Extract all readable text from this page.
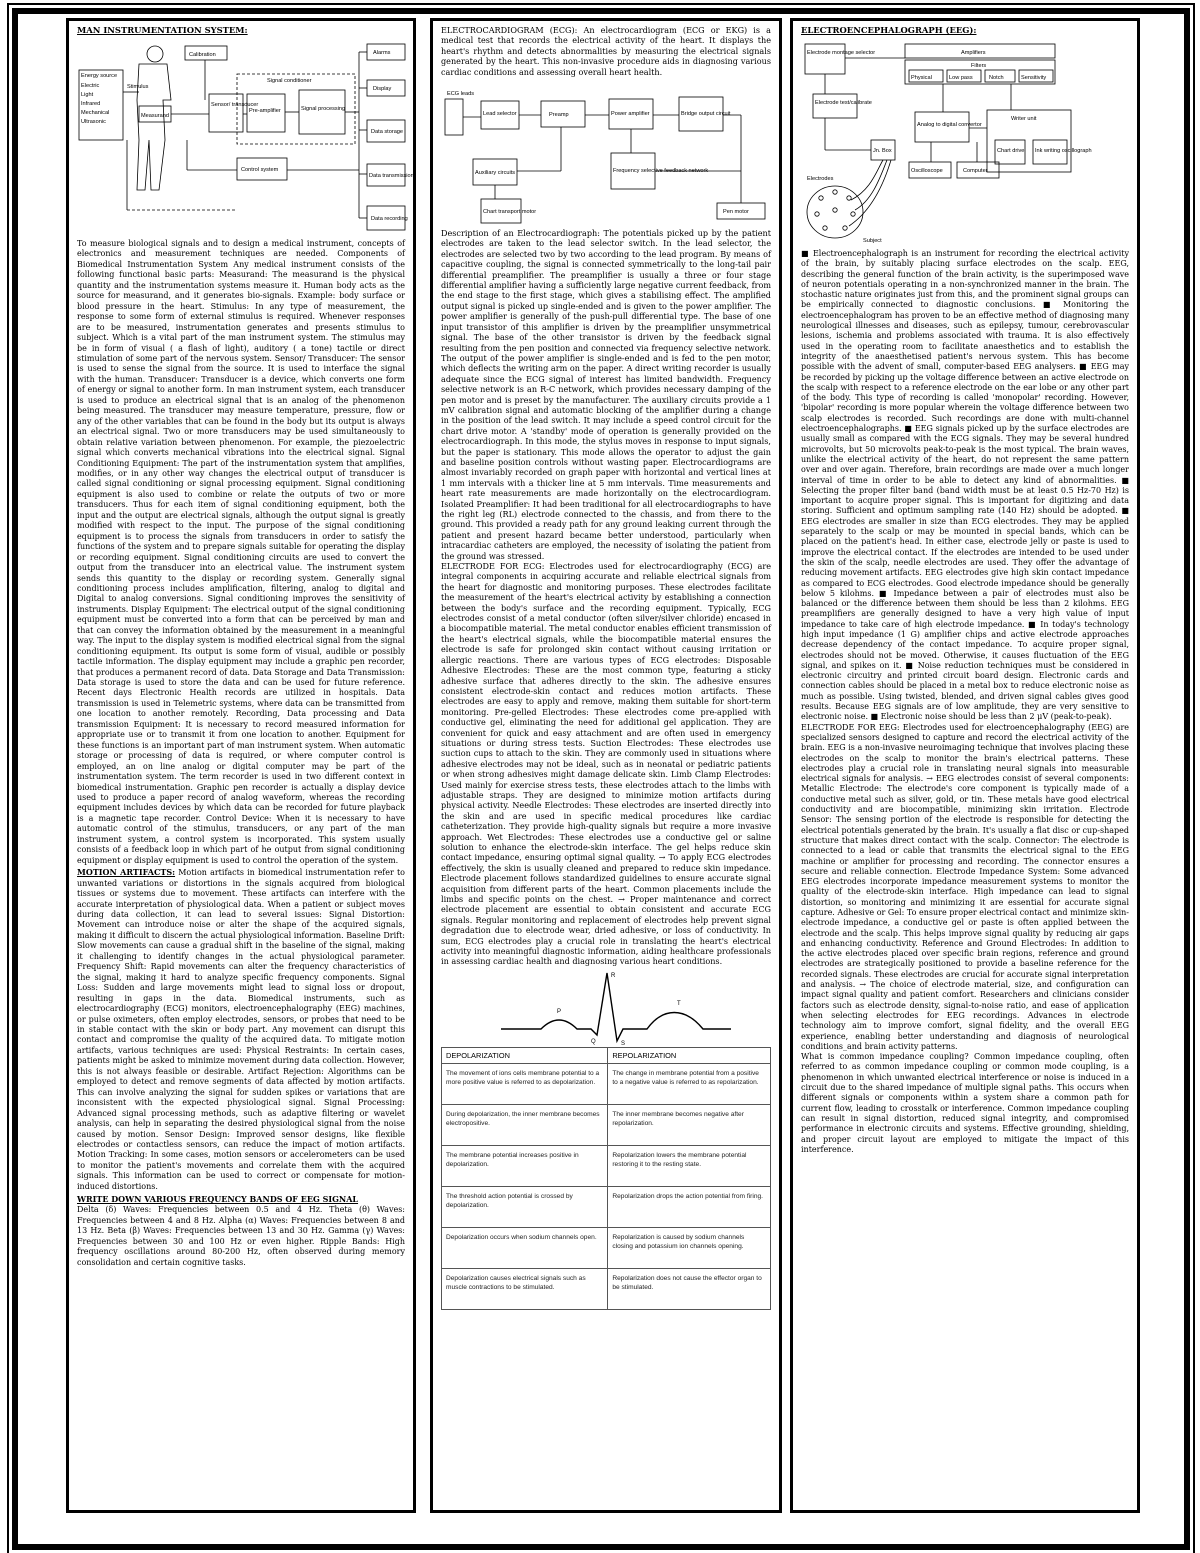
MAN INSTRUMENTATION SYSTEM:
Energy source
Electric
Light
Infrared
Mechanical
Ultrasonic
Calibration
Stimulus
Measurand
Sensor/ transducer
Signal conditioner
Pre-amplifier	Signal processing
Alarms
Display
Data storage
Data transmission
Control system
Data recording

To measure biological signals and to design a medical instrument, concepts of electronics and measurement techniques are needed. Components of Biomedical Instrumentation System Any medical instrument consists of the following functional basic parts: Measurand: The measurand is the physical quantity and the instrumentation systems measure it. Human body acts as the source for measurand, and it generates bio-signals. Example: body surface or blood pressure in the heart. Stimulus: In any type of measurement, the response to some form of external stimulus is required. Whenever responses are to be measured, instrumentation generates and presents stimulus to subject. Which is a vital part of the man instrument system. The stimulus may be in form of visual ( a flash of light), auditory ( a tone) tactile or direct stimulation of some part of the nervous system. Sensor/ Transducer: The sensor is used to sense the signal from the source. It is used to interface the signal with the human. Transducer: Transducer is a device, which converts one form of energy or signal to another form. In man instrument system, each transducer is used to produce an electrical signal that is an analog of the phenomenon being measured. The transducer may measure temperature, pressure, flow or any of the other variables that can be found in the body but its output is always an electrical signal. Two or more transducers may be used simultaneously to obtain relative variation between phenomenon. For example, the piezoelectric signal which converts mechanical vibrations into the electrical signal. Signal Conditioning Equipment: The part of the instrumentation system that amplifies, modifies, or in any other way changes the electrical output of transducer is called signal conditioning or signal processing equipment. Signal conditioning equipment is also used to combine or relate the outputs of two or more transducers. Thus for each item of signal conditioning equipment, both the input and the output are electrical signals, although the output signal is greatly modified with respect to the input. The purpose of the signal conditioning equipment is to process the signals from transducers in order to satisfy the functions of the system and to prepare signals suitable for operating the display or recording equipment. Signal conditioning circuits are used to convert the output from the transducer into an electrical value. The instrument system sends this quantity to the display or recording system. Generally signal conditioning process includes amplification, filtering, analog to digital and Digital to analog conversions. Signal conditioning improves the sensitivity of instruments. Display Equipment: The electrical output of the signal conditioning equipment must be converted into a form that can be perceived by man and that can convey the information obtained by the measurement in a meaningful way. The input to the display system is modified electrical signal from the signal conditioning equipment. Its output is some form of visual, audible or possibly tactile information. The display equipment may include a graphic pen recorder, that produces a permanent record of data. Data Storage and Data Transmission: Data storage is used to store the data and can be used for future reference. Recent days Electronic Health records are utilized in hospitals. Data transmission is used in Telemetric systems, where data can be transmitted from one location to another remotely. Recording, Data processing and Data transmission Equipment: It is necessary to record measured information for appropriate use or to transmit it from one location to another. Equipment for these functions is an important part of man instrument system. When automatic storage or processing of data is required, or where computer control is employed, an on line analog or digital computer may be part of the instrumentation system. The term recorder is used in two different context in biomedical instrumentation. Graphic pen recorder is actually a display device used to produce a paper record of analog waveform, whereas the recording equipment includes devices by which data can be recorded for future playback is a magnetic tape recorder. Control Device: When it is necessary to have automatic control of the stimulus, transducers, or any part of the man instrument system, a control system is incorporated. This system usually consists of a feedback loop in which part of he output from signal conditioning equipment or display equipment is used to control the operation of the system.

MOTION ARTIFACTS: Motion artifacts in biomedical instrumentation refer to unwanted variations or distortions in the signals acquired from biological tissues or systems due to movement. These artifacts can interfere with the accurate interpretation of physiological data. When a patient or subject moves during data collection, it can lead to several issues: Signal Distortion: Movement can introduce noise or alter the shape of the acquired signals, making it difficult to discern the actual physiological information. Baseline Drift: Slow movements can cause a gradual shift in the baseline of the signal, making it challenging to identify changes in the actual physiological parameter. Frequency Shift: Rapid movements can alter the frequency characteristics of the signal, making it hard to analyze specific frequency components. Signal Loss: Sudden and large movements might lead to signal loss or dropout, resulting in gaps in the data. Biomedical instruments, such as electrocardiography (ECG) monitors, electroencephalography (EEG) machines, or pulse oximeters, often employ electrodes, sensors, or probes that need to be in stable contact with the skin or body part. Any movement can disrupt this contact and compromise the quality of the acquired data. To mitigate motion artifacts, various techniques are used: Physical Restraints: In certain cases, patients might be asked to minimize movement during data collection. However, this is not always feasible or desirable. Artifact Rejection: Algorithms can be employed to detect and remove segments of data affected by motion artifacts. This can involve analyzing the signal for sudden spikes or variations that are inconsistent with the expected physiological signal. Signal Processing: Advanced signal processing methods, such as adaptive filtering or wavelet analysis, can help in separating the desired physiological signal from the noise caused by motion. Sensor Design: Improved sensor designs, like flexible electrodes or contactless sensors, can reduce the impact of motion artifacts. Motion Tracking: In some cases, motion sensors or accelerometers can be used to monitor the patient's movements and correlate them with the acquired signals. This information can be used to correct or compensate for motion-induced distortions.

WRITE DOWN VARIOUS FREQUENCY BANDS OF EEG SIGNAL

Delta (δ) Waves: Frequencies between 0.5 and 4 Hz. Theta (θ) Waves: Frequencies between 4 and 8 Hz. Alpha (α) Waves: Frequencies between 8 and 13 Hz. Beta (β) Waves: Frequencies between 13 and 30 Hz. Gamma (γ) Waves: Frequencies between 30 and 100 Hz or even higher. Ripple Bands: High frequency oscillations around 80-200 Hz, often observed during memory consolidation and certain cognitive tasks.

ELECTROCARDIOGRAM (ECG): An electrocardiogram (ECG or EKG) is a medical test that records the electrical activity of the heart. It displays the heart's rhythm and detects abnormalities by measuring the electrical signals generated by the heart. This non-invasive procedure aids in diagnosing various cardiac conditions and assessing overall heart health.

ECG leads
Lead selector	Preamp	Power amplifier	Bridge output circuit
Auxiliary circuits	Frequency selective feedback network
Chart transport motor	Pen motor

Description of an Electrocardiograph: The potentials picked up by the patient electrodes are taken to the lead selector switch. In the lead selector, the electrodes are selected two by two according to the lead program. By means of capacitive coupling, the signal is connected symmetrically to the long-tail pair differential preamplifier. The preamplifier is usually a three or four stage differential amplifier having a sufficiently large negative current feedback, from the end stage to the first stage, which gives a stabilising effect. The amplified output signal is picked up single-ended and is given to the power amplifier. The power amplifier is generally of the push-pull differential type. The base of one input transistor of this amplifier is driven by the preamplifier unsymmetrical signal. The base of the other transistor is driven by the feedback signal resulting from the pen position and connected via frequency selective network. The output of the power amplifier is single-ended and is fed to the pen motor, which deflects the writing arm on the paper. A direct writing recorder is usually adequate since the ECG signal of interest has limited bandwidth. Frequency selective network is an R-C network, which provides necessary damping of the pen motor and is preset by the manufacturer. The auxiliary circuits provide a 1 mV calibration signal and automatic blocking of the amplifier during a change in the position of the lead switch. It may include a speed control circuit for the chart drive motor. A 'standby' mode of operation is generally provided on the electrocardiograph. In this mode, the stylus moves in response to input signals, but the paper is stationary. This mode allows the operator to adjust the gain and baseline position controls without wasting paper. Electrocardiograms are almost invariably recorded on graph paper with horizontal and vertical lines at 1 mm intervals with a thicker line at 5 mm intervals. Time measurements and heart rate measurements are made horizontally on the electrocardiogram. Isolated Preamplifier: It had been traditional for all electrocardiographs to have the right leg (RL) electrode connected to the chassis, and from there to the ground. This provided a ready path for any ground leaking current through the patient and present hazard became better understood, particularly when intracardiac catheters are employed, the necessity of isolating the patient from the ground was stressed.

ELECTRODE FOR ECG: Electrodes used for electrocardiography (ECG) are integral components in acquiring accurate and reliable electrical signals from the heart for diagnostic and monitoring purposes. These electrodes facilitate the measurement of the heart's electrical activity by establishing a connection between the body's surface and the recording equipment. Typically, ECG electrodes consist of a metal conductor (often silver/silver chloride) encased in a biocompatible material. The metal conductor enables efficient transmission of the heart's electrical signals, while the biocompatible material ensures the electrode is safe for prolonged skin contact without causing irritation or allergic reactions. There are various types of ECG electrodes: Disposable Adhesive Electrodes: These are the most common type, featuring a sticky adhesive surface that adheres directly to the skin. The adhesive ensures consistent electrode-skin contact and reduces motion artifacts. These electrodes are easy to apply and remove, making them suitable for short-term monitoring. Pre-gelled Electrodes: These electrodes come pre-applied with conductive gel, eliminating the need for additional gel application. They are convenient for quick and easy attachment and are often used in emergency situations or during stress tests. Suction Electrodes: These electrodes use suction cups to attach to the skin. They are commonly used in situations where adhesive electrodes may not be ideal, such as in neonatal or pediatric patients or when strong adhesives might damage delicate skin. Limb Clamp Electrodes: Used mainly for exercise stress tests, these electrodes attach to the limbs with adjustable straps. They are designed to minimize motion artifacts during physical activity. Needle Electrodes: These electrodes are inserted directly into the skin and are used in specific medical procedures like cardiac catheterization. They provide high-quality signals but require a more invasive approach. Wet Electrodes: These electrodes use a conductive gel or saline solution to enhance the electrode-skin interface. The gel helps reduce skin contact impedance, ensuring optimal signal quality. → To apply ECG electrodes effectively, the skin is usually cleaned and prepared to reduce skin impedance. Electrode placement follows standardized guidelines to ensure accurate signal acquisition from different parts of the heart. Common placements include the limbs and specific points on the chest. → Proper maintenance and correct electrode placement are essential to obtain consistent and accurate ECG signals. Regular monitoring and replacement of electrodes help prevent signal degradation due to electrode wear, dried adhesive, or loss of conductivity. In sum, ECG electrodes play a crucial role in translating the heart's electrical activity into meaningful diagnostic information, aiding healthcare professionals in assessing cardiac health and diagnosing various heart conditions.

P
Q
R
S
T
DEPOLARIZATION	REPOLARIZATION
The movement of ions cells membrane potential to a more positive value is referred to as depolarization.	The change in membrane potential from a positive to a negative value is referred to as repolarization.
During depolarization, the inner membrane becomes electropositive.	The inner membrane becomes negative after repolarization.
The membrane potential increases positive in depolarization.	Repolarization lowers the membrane potential restoring it to the resting state.
The threshold action potential is crossed by depolarization.	Repolarization drops the action potential from firing.
Depolarization occurs when sodium channels open.	Repolarization is caused by sodium channels closing and potassium ion channels opening.
Depolarization causes electrical signals such as muscle contractions to be stimulated.	Repolarization does not cause the effector organ to be stimulated.
ELECTROENCEPHALOGRAPH (EEG):
Electrode montage selector	Amplifiers
Filters
Physical	Low pass	Notch	Sensitivity
Electrode test/calibrate
Analog to digital convertor
Writer unit
Oscilloscope	Computer
Chart drive Ink writing oscillograph
Electrodes
Subject
Jn. Box

■ Electroencephalograph is an instrument for recording the electrical activity of the brain, by suitably placing surface electrodes on the scalp. EEG, describing the general function of the brain activity, is the superimposed wave of neuron potentials operating in a non-synchronized manner in the brain. The stochastic nature originates just from this, and the prominent signal groups can be empirically connected to diagnostic conclusions. ■ Monitoring the electroencephalogram has proven to be an effective method of diagnosing many neurological illnesses and diseases, such as epilepsy, tumour, cerebrovascular lesions, ischemia and problems associated with trauma. It is also effectively used in the operating room to facilitate anaesthetics and to establish the integrity of the anaesthetised patient's nervous system. This has become possible with the advent of small, computer-based EEG analysers. ■ EEG may be recorded by picking up the voltage difference between an active electrode on the scalp with respect to a reference electrode on the ear lobe or any other part of the body. This type of recording is called 'monopolar' recording. However, 'bipolar' recording is more popular wherein the voltage difference between two scalp electrodes is recorded. Such recordings are done with multi-channel electroencephalographs. ■ EEG signals picked up by the surface electrodes are usually small as compared with the ECG signals. They may be several hundred microvolts, but 50 microvolts peak-to-peak is the most typical. The brain waves, unlike the electrical activity of the heart, do not represent the same pattern over and over again. Therefore, brain recordings are made over a much longer interval of time in order to be able to detect any kind of abnormalities. ■ Selecting the proper filter band (band width must be at least 0.5 Hz-70 Hz) is important to acquire proper signal. This is important for digitizing and data storing. Sufficient and optimum sampling rate (140 Hz) should be adopted. ■ EEG electrodes are smaller in size than ECG electrodes. They may be applied separately to the scalp or may be mounted in special bands, which can be placed on the patient's head. In either case, electrode jelly or paste is used to improve the electrical contact. If the electrodes are intended to be used under the skin of the scalp, needle electrodes are used. They offer the advantage of reducing movement artifacts. EEG electrodes give high skin contact impedance as compared to ECG electrodes. Good electrode impedance should be generally below 5 kilohms. ■ Impedance between a pair of electrodes must also be balanced or the difference between them should be less than 2 kilohms. EEG preamplifiers are generally designed to have a very high value of input impedance to take care of high electrode impedance. ■ In today's technology high input impedance (1 G) amplifier chips and active electrode approaches decrease dependency of the contact impedance. To acquire proper signal, electrodes should not be moved. Otherwise, it causes fluctuation of the EEG signal, and spikes on it. ■ Noise reduction techniques must be considered in electronic circuitry and printed circuit board design. Electronic cards and connection cables should be placed in a metal box to reduce electronic noise as much as possible. Using twisted, blended, and driven signal cables gives good results. Because EEG signals are of low amplitude, they are very sensitive to electronic noise. ■ Electronic noise should be less than 2 μV (peak-to-peak).

ELECTRODE FOR EEG: Electrodes used for electroencephalography (EEG) are specialized sensors designed to capture and record the electrical activity of the brain. EEG is a non-invasive neuroimaging technique that involves placing these electrodes on the scalp to monitor the brain's electrical patterns. These electrodes play a crucial role in translating neural signals into measurable electrical signals for analysis. → EEG electrodes consist of several components: Metallic Electrode: The electrode's core component is typically made of a conductive metal such as silver, gold, or tin. These metals have good electrical conductivity and are biocompatible, minimizing skin irritation. Electrode Sensor: The sensing portion of the electrode is responsible for detecting the electrical potentials generated by the brain. It's usually a flat disc or cup-shaped structure that makes direct contact with the scalp. Connector: The electrode is connected to a lead or cable that transmits the electrical signal to the EEG machine or amplifier for processing and recording. The connector ensures a secure and reliable connection. Electrode Impedance System: Some advanced EEG electrodes incorporate impedance measurement systems to monitor the quality of the electrode-skin interface. High impedance can lead to signal distortion, so monitoring and minimizing it are essential for accurate signal capture. Adhesive or Gel: To ensure proper electrical contact and minimize skin-electrode impedance, a conductive gel or paste is often applied between the electrode and the scalp. This helps improve signal quality by reducing air gaps and enhancing conductivity. Reference and Ground Electrodes: In addition to the active electrodes placed over specific brain regions, reference and ground electrodes are strategically positioned to provide a baseline reference for the recorded signals. These electrodes are crucial for accurate signal interpretation and analysis. → The choice of electrode material, size, and configuration can impact signal quality and patient comfort. Researchers and clinicians consider factors such as electrode density, signal-to-noise ratio, and ease of application when selecting electrodes for EEG recordings. Advances in electrode technology aim to improve comfort, signal fidelity, and the overall EEG experience, enabling better understanding and diagnosis of neurological conditions_and brain activity patterns.

What is common impedance coupling? Common impedance coupling, often referred to as common impedance coupling or common mode coupling, is a phenomenon in which unwanted electrical interference or noise is induced in a circuit due to the shared impedance of multiple signal paths. This occurs when different signals or components within a system share a common path for current flow, leading to crosstalk or interference. Common impedance coupling can result in signal distortion, reduced signal integrity, and compromised performance in electronic circuits and systems. Effective grounding, shielding, and proper circuit layout are employed to mitigate the impact of this interference.
